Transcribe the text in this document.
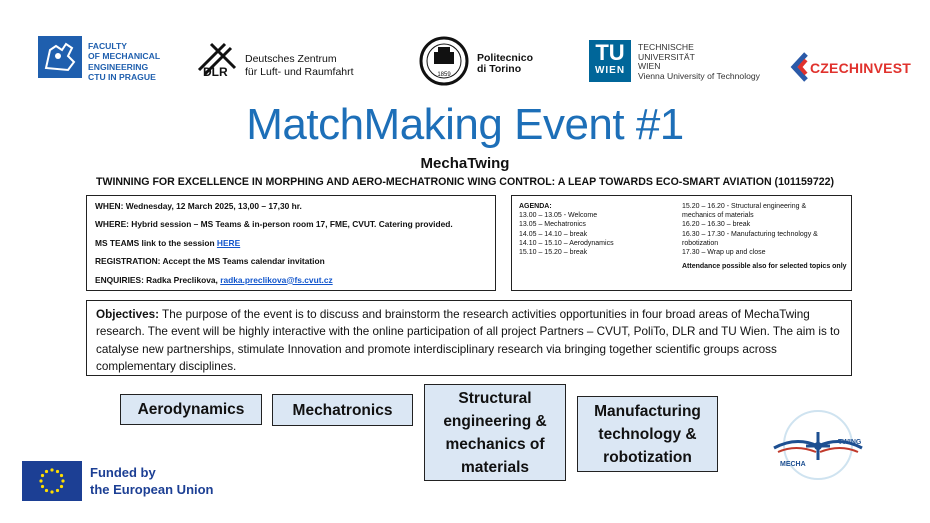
FACULTY
OF MECHANICAL
ENGINEERING
CTU IN PRAGUE	DLR
Deutsches Zentrum
für Luft- und Raumfahrt	1859
Politecnico
di Torino
TU
WIEN
TECHNISCHE
UNIVERSITÄT
WIEN
Vienna University of Technology	CZECHINVEST
MatchMaking Event #1
MechaTwing
TWINNING FOR EXCELLENCE IN MORPHING AND AERO-MECHATRONIC WING CONTROL: A LEAP TOWARDS ECO-SMART AVIATION (101159722)
WHEN: Wednesday, 12 March 2025, 13,00 – 17,30 hr.
WHERE: Hybrid session – MS Teams & in-person room 17, FME, CVUT. Catering provided.
MS TEAMS link to the session HERE
REGISTRATION: Accept the MS Teams calendar invitation
ENQUIRIES: Radka Preclikova, radka.preclikova@fs.cvut.cz
AGENDA:
13.00 – 13.05 - Welcome
13.05 – Mechatronics
14.05 – 14.10 – break
14.10 – 15.10 – Aerodynamics
15.10 – 15.20 – break
15.20 – 16.20 - Structural engineering &
mechanics of materials
16.20 – 16.30 – break
16.30 – 17.30 - Manufacturing technology &
robotization
17.30 – Wrap up and close
Attendance possible also for selected topics only
Objectives: The purpose of the event is to discuss and brainstorm the research activities opportunities in four broad areas of MechaTwing research. The event will be highly interactive with the online participation of all project Partners – CVUT, PoliTo, DLR and TU Wien. The aim is to catalyse new partnerships, stimulate Innovation and promote interdisciplinary research via bringing together scientific groups across complementary disciplines.
Aerodynamics	Mechatronics
Structural engineering & mechanics of materials
Manufacturing technology & robotization
Funded by
the European Union
MECHA
TWING
